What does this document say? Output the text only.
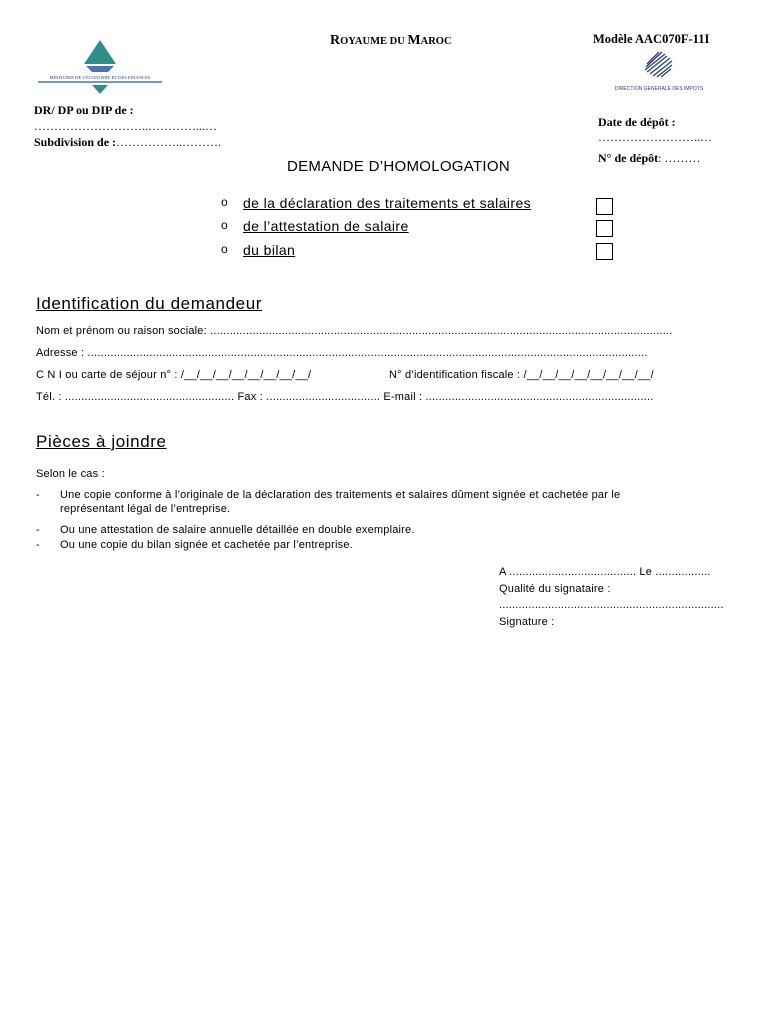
ROYAUME DU MAROC	Modèle AAC070F-11I
MINISTERE DE L'ECONOMIE ET DES FINANCES
DIRECTION GENERALE DES IMPOTS
DR/ DP ou DIP de :
………………………..…………...…
Subdivision de :……………..……….
Date de dépôt :
……………………..…
N° de dépôt: ………
DEMANDE D’HOMOLOGATION
o de la déclaration des traitements et salaires
o de l’attestation de salaire
o du bilan
Identification du demandeur
Nom et prénom ou raison sociale: ..............................................................................................................................................
Adresse : ............................................................................................................................................................................
C N I ou carte de séjour n° : /__/__/__/__/__/__/__/__/	N° d’identification fiscale : /__/__/__/__/__/__/__/__/
Tél. : .................................................... Fax : ................................... E-mail : ......................................................................
Pièces à joindre
Selon le cas :
- Une copie conforme à l’originale de la déclaration des traitements et salaires dûment signée et cachetée par le
représentant légal de l’entreprise.
- Ou une attestation de salaire annuelle détaillée en double exemplaire.
- Ou une copie du bilan signée et cachetée par l’entreprise.
A ....................................... Le .................
Qualité du signataire :
.....................................................................
Signature :
